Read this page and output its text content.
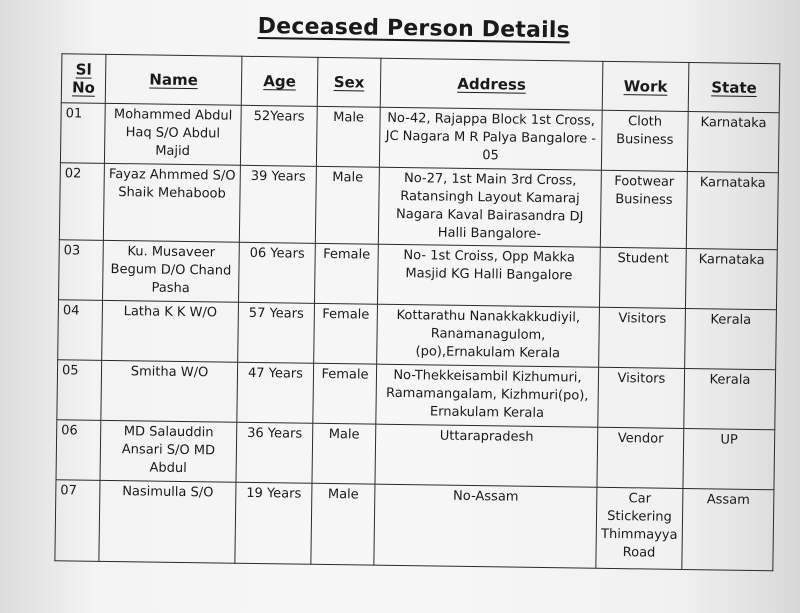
Deceased Person Details
Sl No	Name	Age	Sex	Address	Work	State
01	Mohammed Abdul Haq S/O Abdul Majid	52Years	Male	No-42, Rajappa Block 1st Cross, JC Nagara M R Palya Bangalore - 05	Cloth Business	Karnataka
02	Fayaz Ahmmed S/O Shaik Mehaboob	39 Years	Male	No-27, 1st Main 3rd Cross, Ratansingh Layout Kamaraj Nagara Kaval Bairasandra DJ Halli Bangalore-	Footwear Business	Karnataka
03	Ku. Musaveer Begum D/O Chand Pasha	06 Years	Female	No- 1st Croiss, Opp Makka Masjid KG Halli Bangalore	Student	Karnataka
04	Latha K K W/O	57 Years	Female	Kottarathu Nanakkakkudiyil, Ranamanagulom,(po),Ernakulam Kerala	Visitors	Kerala
05	Smitha W/O	47 Years	Female	No-Thekkeisambil Kizhumuri, Ramamangalam, Kizhmuri(po), Ernakulam Kerala	Visitors	Kerala
06	MD Salauddin Ansari S/O MD Abdul	36 Years	Male	Uttarapradesh	Vendor	UP
07	Nasimulla S/O	19 Years	Male	No-Assam	Car Stickering Thimmayya Road	Assam
